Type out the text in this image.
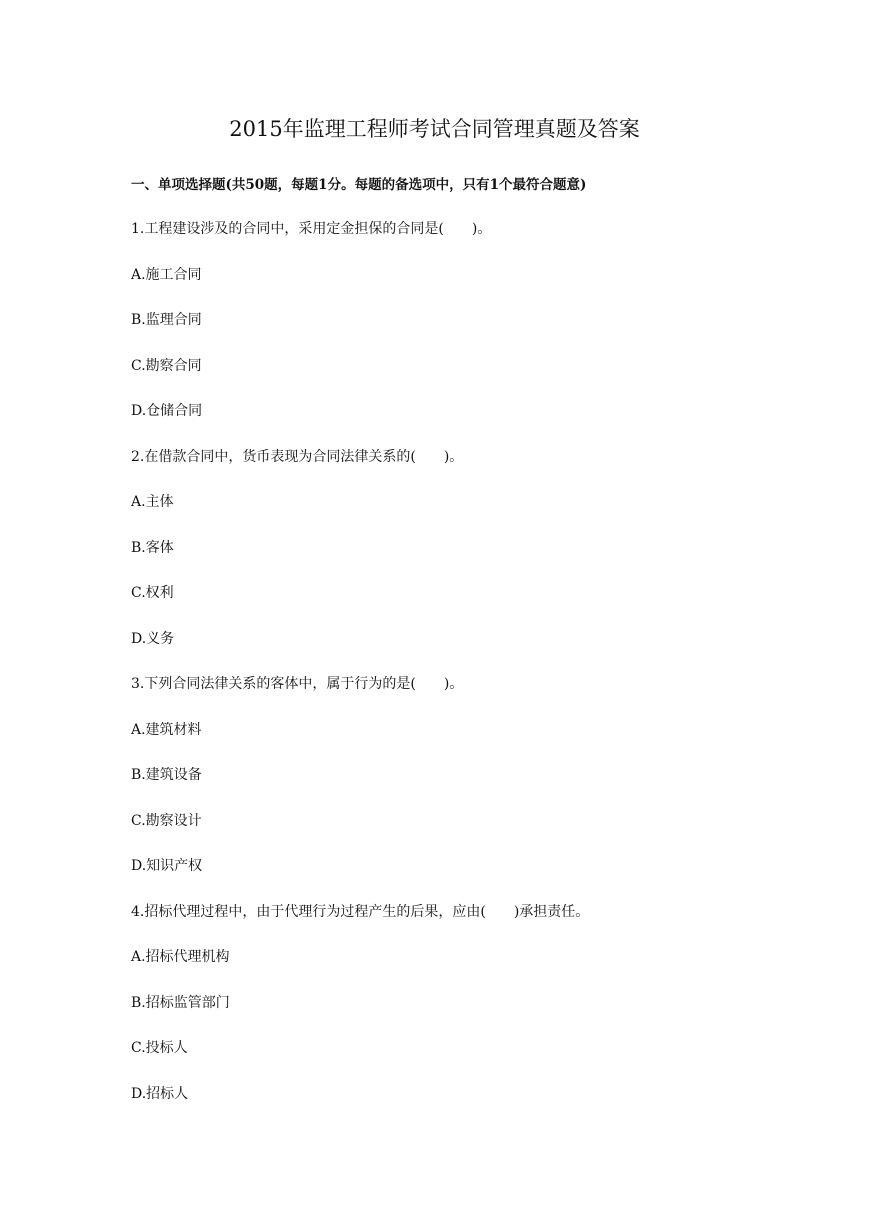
2015年监理工程师考试合同管理真题及答案
一、单项选择题(共50题，每题1分。每题的备选项中，只有1个最符合题意)
1.工程建设涉及的合同中，采用定金担保的合同是(　　)。
A.施工合同
B.监理合同
C.勘察合同
D.仓储合同
2.在借款合同中，货币表现为合同法律关系的(　　)。
A.主体
B.客体
C.权利
D.义务
3.下列合同法律关系的客体中，属于行为的是(　　)。
A.建筑材料
B.建筑设备
C.勘察设计
D.知识产权
4.招标代理过程中，由于代理行为过程产生的后果，应由(　　)承担责任。
A.招标代理机构
B.招标监管部门
C.投标人
D.招标人
